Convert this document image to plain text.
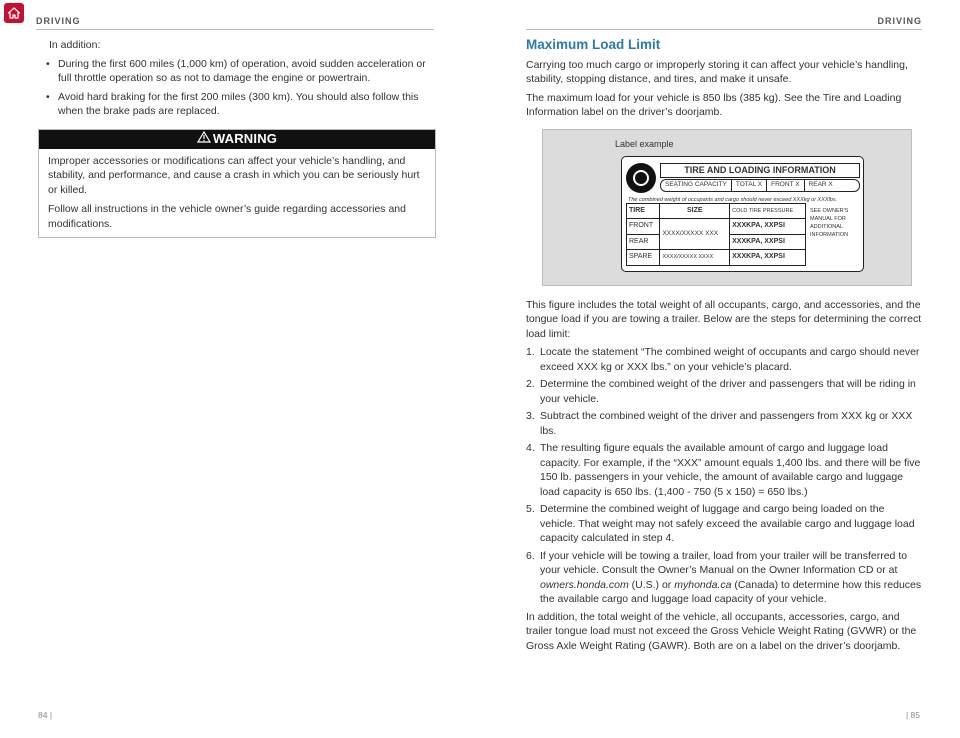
DRIVING

In addition:

• During the first 600 miles (1,000 km) of operation, avoid sudden acceleration or full throttle operation so as not to damage the engine or powertrain.
• Avoid hard braking for the first 200 miles (300 km). You should also follow this when the brake pads are replaced.
WARNING

Improper accessories or modifications can affect your vehicle’s handling, and stability, and performance, and cause a crash in which you can be seriously hurt or killed.

Follow all instructions in the vehicle owner’s guide regarding accessories and modifications.

84 |
DRIVING

Maximum Load Limit

Carrying too much cargo or improperly storing it can affect your vehicle’s handling, stability, stopping distance, and tires, and make it unsafe.

The maximum load for your vehicle is 850 lbs (385 kg). See the Tire and Loading Information label on the driver’s doorjamb.

Label example
TIRE AND LOADING INFORMATION
SEATING CAPACITY	TOTAL X	FRONT X	REAR X
The combined weight of occupants and cargo should never exceed XXXkg or XXXlbs.
TIRE	SIZE	COLD TIRE PRESSURE
FRONT	XXXX/XXXXX XXX	XXXKPA, XXPSI
REAR		XXXKPA, XXPSI
SPARE	XXXX/XXXXX XXXX	XXXKPA, XXPSI
SEE OWNER'S MANUAL FOR ADDITIONAL INFORMATION

This figure includes the total weight of all occupants, cargo, and accessories, and the tongue load if you are towing a trailer. Below are the steps for determining the correct load limit:

1. Locate the statement “The combined weight of occupants and cargo should never exceed XXX kg or XXX lbs.” on your vehicle’s placard.
2. Determine the combined weight of the driver and passengers that will be riding in your vehicle.
3. Subtract the combined weight of the driver and passengers from XXX kg or XXX lbs.
4. The resulting figure equals the available amount of cargo and luggage load capacity. For example, if the “XXX” amount equals 1,400 lbs. and there will be five 150 lb. passengers in your vehicle, the amount of available cargo and luggage load capacity is 650 lbs. (1,400 - 750 (5 x 150) = 650 lbs.)
5. Determine the combined weight of luggage and cargo being loaded on the vehicle. That weight may not safely exceed the available cargo and luggage load capacity calculated in step 4.
6. If your vehicle will be towing a trailer, load from your trailer will be transferred to your vehicle. Consult the Owner’s Manual on the Owner Information CD or at owners.honda.com (U.S.) or myhonda.ca (Canada) to determine how this reduces the available cargo and luggage load capacity of your vehicle.

In addition, the total weight of the vehicle, all occupants, accessories, cargo, and trailer tongue load must not exceed the Gross Vehicle Weight Rating (GVWR) or the Gross Axle Weight Rating (GAWR). Both are on a label on the driver’s doorjamb.

| 85
